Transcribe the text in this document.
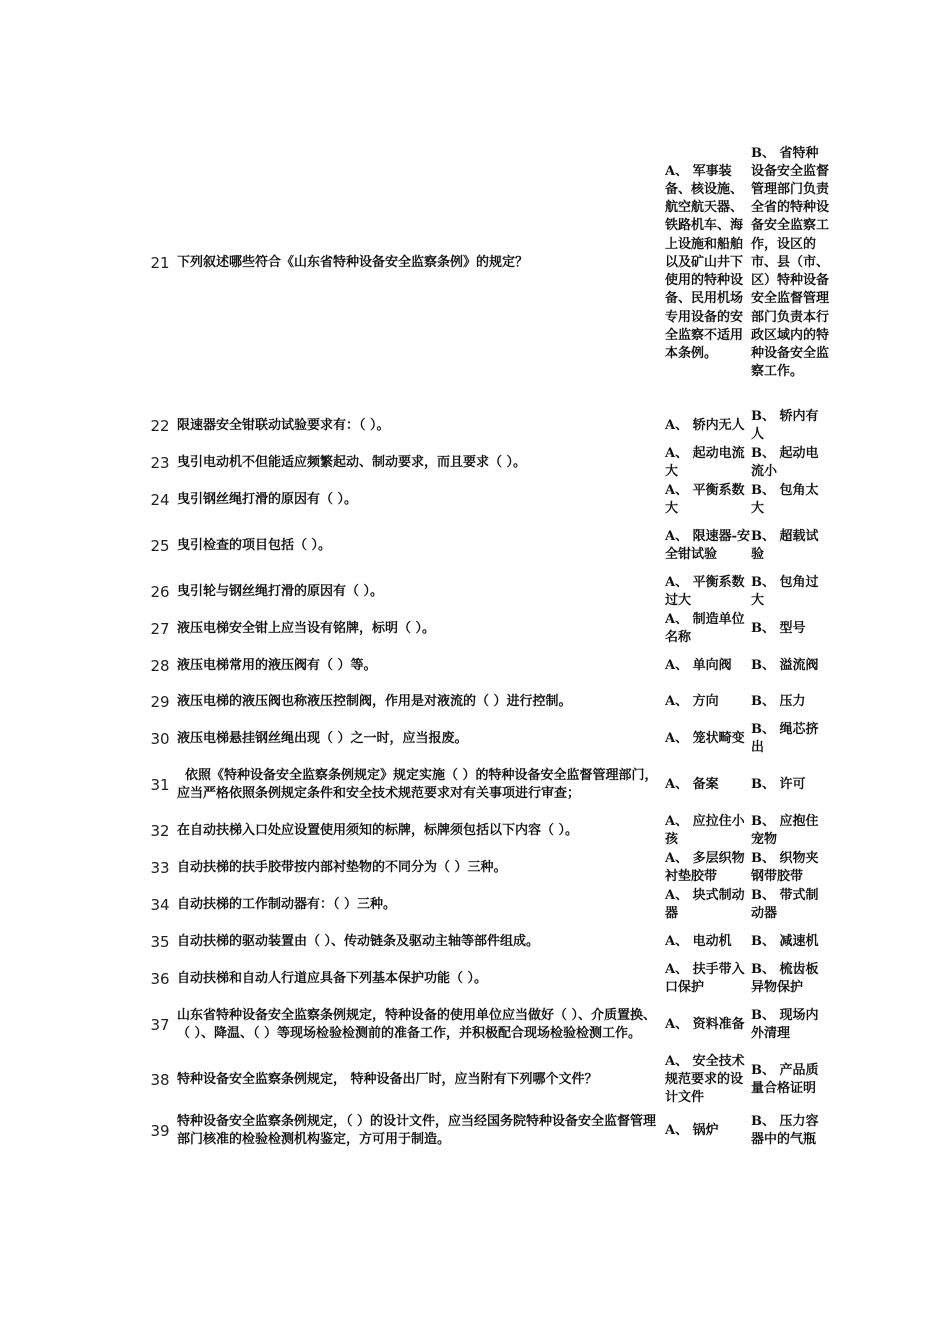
21	下列叙述哪些符合《山东省特种设备安全监察条例》的规定？	A、 军事装备、核设施、航空航天器、铁路机车、海上设施和船舶以及矿山井下使用的特种设备、民用机场专用设备的安全监察不适用本条例。	B、 省特种设备安全监督管理部门负责全省的特种设备安全监察工作，设区的市、县（市、区）特种设备安全监督管理部门负责本行政区域内的特种设备安全监察工作。

22	限速器安全钳联动试验要求有：（ ）。	A、 轿内无人	B、 轿内有人

23	曳引电动机不但能适应频繁起动、制动要求，而且要求（ ）。	A、 起动电流大	B、 起动电流小

24	曳引钢丝绳打滑的原因有（ ）。	A、 平衡系数大	B、 包角太大

25	曳引检查的项目包括（ ）。	A、 限速器-安全钳试验	B、 超载试验

26	曳引轮与钢丝绳打滑的原因有（ ）。	A、 平衡系数过大	B、 包角过大

27	液压电梯安全钳上应当设有铭牌，标明（ ）。	A、 制造单位名称	B、 型号

28	液压电梯常用的液压阀有（ ）等。	A、 单向阀	B、 溢流阀

29	液压电梯的液压阀也称液压控制阀，作用是对液流的（ ）进行控制。	A、 方向	B、 压力

30	液压电梯悬挂钢丝绳出现（ ）之一时，应当报废。	A、 笼状畸变	B、 绳芯挤出

31	依照《特种设备安全监察条例规定》规定实施（ ）的特种设备安全监督管理部门，应当严格依照条例规定条件和安全技术规范要求对有关事项进行审查；	A、 备案	B、 许可

32	在自动扶梯入口处应设置使用须知的标牌，标牌须包括以下内容（ ）。	A、 应拉住小孩	B、 应抱住宠物

33	自动扶梯的扶手胶带按内部衬垫物的不同分为（ ）三种。	A、 多层织物衬垫胶带	B、 织物夹钢带胶带

34	自动扶梯的工作制动器有：（ ）三种。	A、 块式制动器	B、 带式制动器

35	自动扶梯的驱动装置由（ ）、传动链条及驱动主轴等部件组成。	A、 电动机	B、 减速机

36	自动扶梯和自动人行道应具备下列基本保护功能（ ）。	A、 扶手带入口保护	B、 梳齿板异物保护

37	山东省特种设备安全监察条例规定，特种设备的使用单位应当做好（ ）、介质置换、（ ）、降温、（ ）等现场检验检测前的准备工作，并积极配合现场检验检测工作。	A、 资料准备	B、 现场内外清理

38	特种设备安全监察条例规定， 特种设备出厂时，应当附有下列哪个文件？	A、 安全技术规范要求的设计文件	B、 产品质量合格证明

39	特种设备安全监察条例规定，（ ）的设计文件，应当经国务院特种设备安全监督管理部门核准的检验检测机构鉴定，方可用于制造。	A、 锅炉	B、 压力容器中的气瓶
